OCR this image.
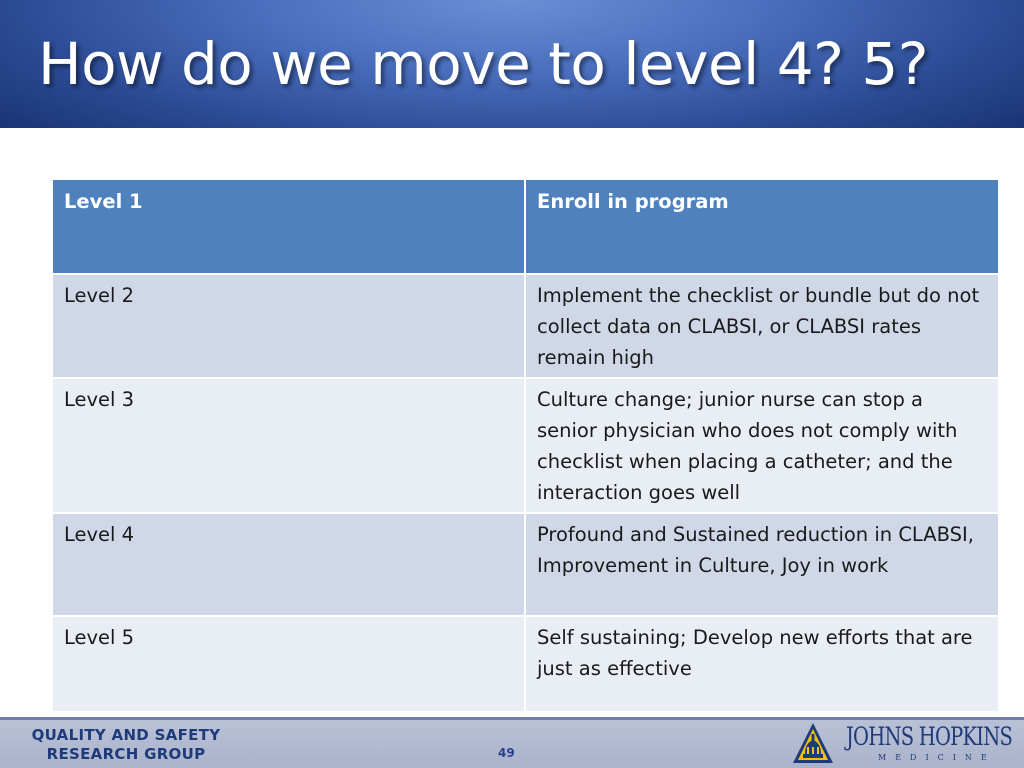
How do we move to level 4? 5?
Level 1	Enroll in program
Level 2	Implement the checklist or bundle but do not collect data on CLABSI, or CLABSI rates remain high
Level 3	Culture change; junior nurse can stop a senior physician who does not comply with checklist when placing a catheter; and the interaction goes well
Level 4	Profound and Sustained reduction in CLABSI, Improvement in Culture, Joy in work
Level 5	Self sustaining; Develop new efforts that are just as effective
QUALITY AND SAFETY
RESEARCH GROUP	49
JOHNS HOPKINS
MEDICINE
